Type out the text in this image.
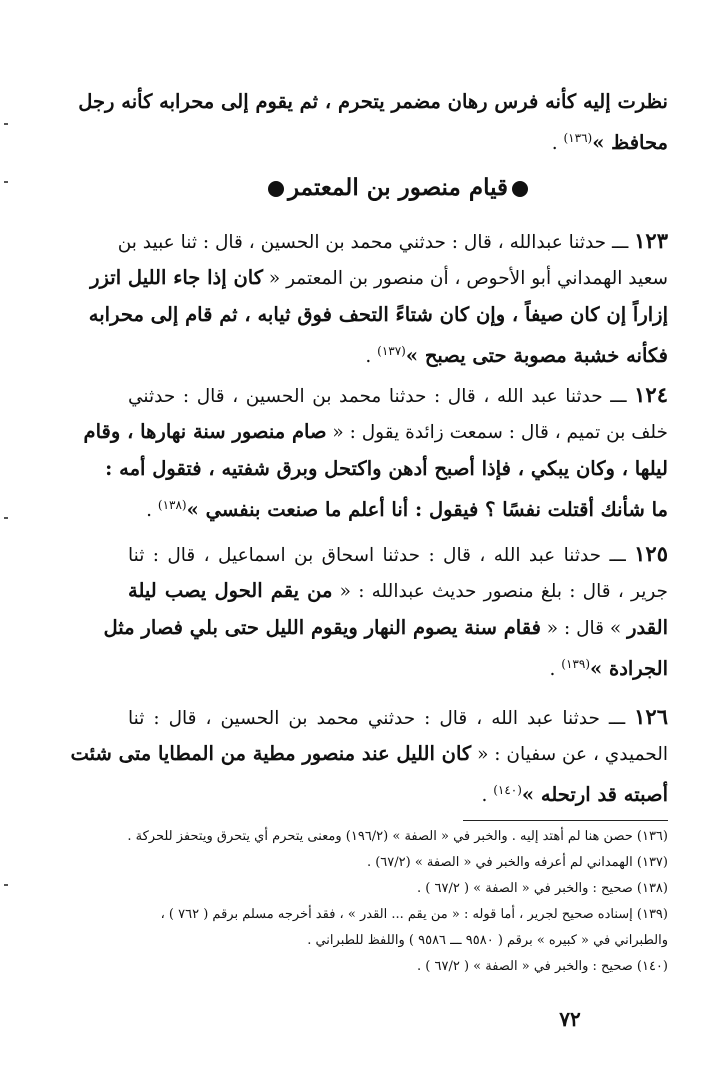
نظرت إليه كأنه فرس رهان مضمر يتحرم ، ثم يقوم إلى محرابه كأنه رجل
محافظ »$^{(١٣٦)}$ .
قيام منصور بن المعتمر
١٢٣ ـــ حدثنا عبدالله ، قال : حدثني محمد بن الحسين ، قال : ثنا عبيد بن
سعيد الهمداني أبو الأحوص ، أن منصور بن المعتمر « كان إذا جاء الليل اتزر
إزاراً إن كان صيفاً ، وإن كان شتاءً التحف فوق ثيابه ، ثم قام إلى محرابه
فكأنه خشبة مصوبة حتى يصبح »$^{(١٣٧)}$ .
١٢٤ ـــ حدثنا عبد الله ، قال : حدثنا محمد بن الحسين ، قال : حدثني
خلف بن تميم ، قال : سمعت زائدة يقول : « صام منصور سنة نهارها ، وقام
ليلها ، وكان يبكي ، فإذا أصبح أدهن واكتحل وبرق شفتيه ، فتقول أمه :
ما شأنك أقتلت نفسًا ؟ فيقول : أنا أعلم ما صنعت بنفسي »$^{(١٣٨)}$ .
١٢٥ ـــ حدثنا عبد الله ، قال : حدثنا اسحاق بن اسماعيل ، قال : ثنا
جرير ، قال : بلغ منصور حديث عبدالله : « من يقم الحول يصب ليلة
القدر » قال : « فقام سنة يصوم النهار ويقوم الليل حتى بلي فصار مثل
الجرادة »$^{(١٣٩)}$ .
١٢٦ ـــ حدثنا عبد الله ، قال : حدثني محمد بن الحسين ، قال : ثنا
الحميدي ، عن سفيان : « كان الليل عند منصور مطية من المطايا متى شئت
أصبته قد ارتحله »$^{(١٤٠)}$ .
(١٣٦) حصن هنا لم أهتد إليه . والخبر في « الصفة » (١٩٦/٢) ومعنى يتحرم أي يتحرق ويتحفز للحركة .
(١٣٧) الهمداني لم أعرفه والخبر في « الصفة » (٦٧/٢) .
(١٣٨) صحيح : والخبر في « الصفة » ( ٦٧/٢ ) .
(١٣٩) إسناده صحيح لجرير ، أما قوله : « من يقم ... القدر » ، فقد أخرجه مسلم برقم ( ٧٦٢ ) ،
والطبراني في « كبيره » برقم ( ٩٥٨٠ ـــ ٩٥٨٦ ) واللفظ للطبراني .
(١٤٠) صحيح : والخبر في « الصفة » ( ٦٧/٢ ) .
٧٢
